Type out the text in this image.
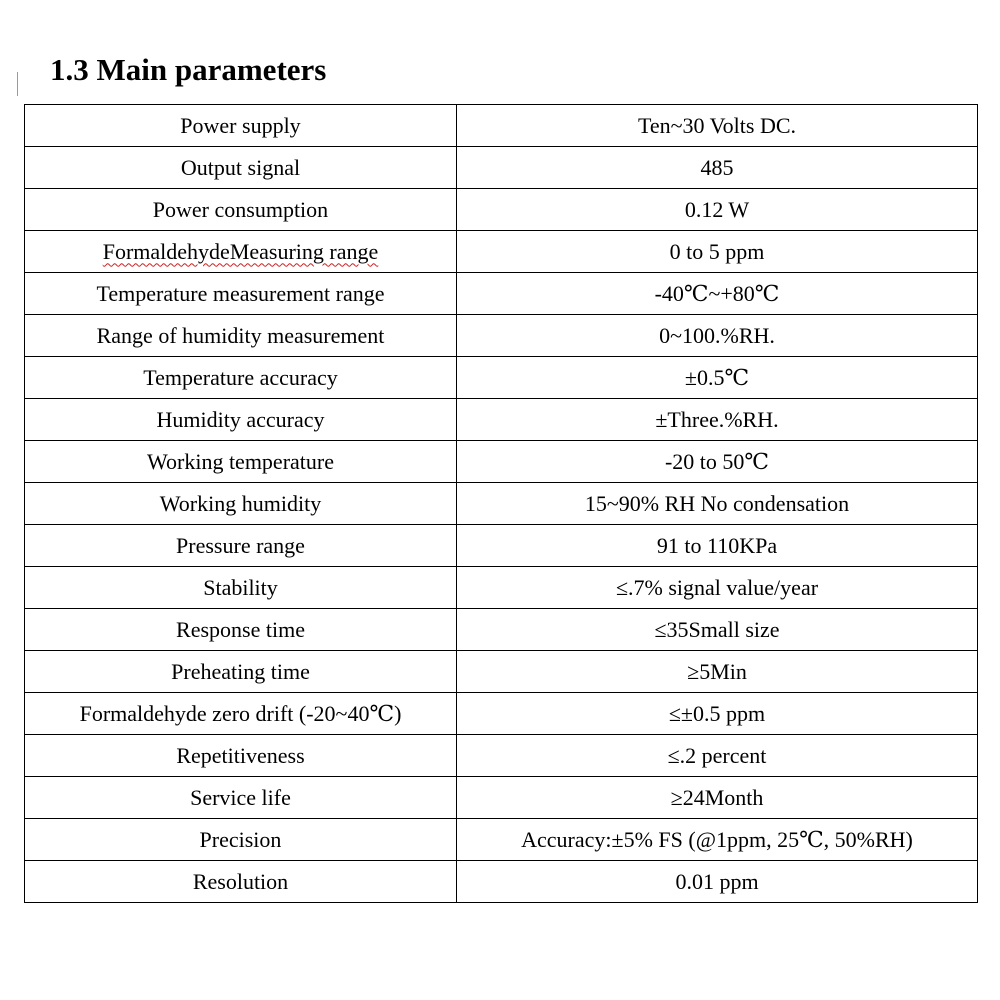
1.3 Main parameters
Power supply	Ten~30 Volts DC.
Output signal	485
Power consumption	0.12 W
FormaldehydeMeasuring range	0 to 5 ppm
Temperature measurement range	-40℃~+80℃
Range of humidity measurement	0~100.%RH.
Temperature accuracy	±0.5℃
Humidity accuracy	±Three.%RH.
Working temperature	-20 to 50℃
Working humidity	15~90% RH No condensation
Pressure range	91 to 110KPa
Stability	≤.7% signal value/year
Response time	≤35Small size
Preheating time	≥5Min
Formaldehyde zero drift (-20~40℃)	≤±0.5 ppm
Repetitiveness	≤.2 percent
Service life	≥24Month
Precision	Accuracy:±5% FS (@1ppm, 25℃, 50%RH)
Resolution	0.01 ppm
